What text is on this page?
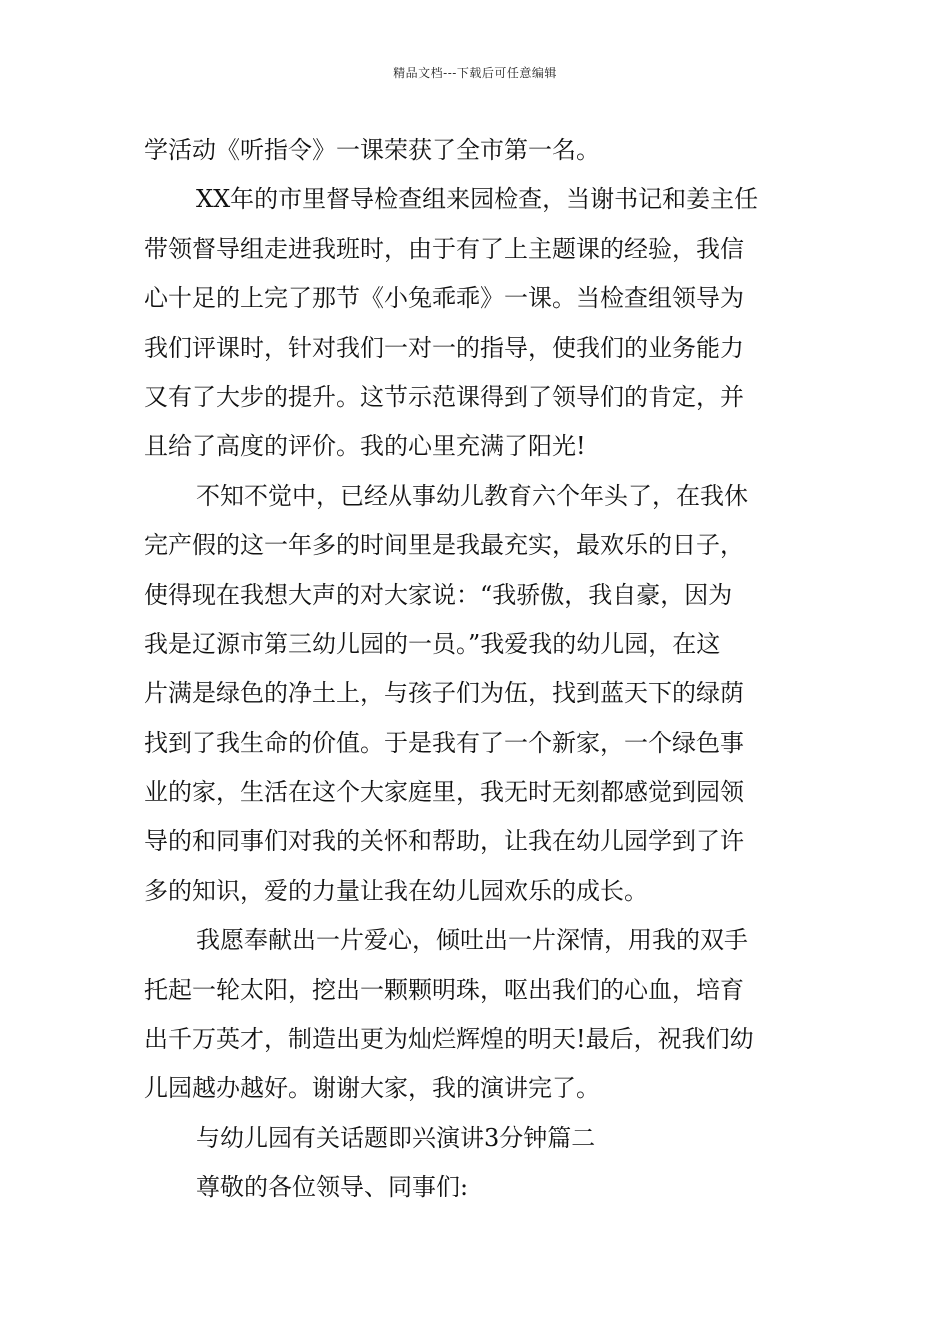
精品文档---下载后可任意编辑
学活动《听指令》一课荣获了全市第一名。
XX年的市里督导检查组来园检查，当谢书记和姜主任
带领督导组走进我班时，由于有了上主题课的经验，我信
心十足的上完了那节《小兔乖乖》一课。当检查组领导为
我们评课时，针对我们一对一的指导，使我们的业务能力
又有了大步的提升。这节示范课得到了领导们的肯定，并
且给了高度的评价。我的心里充满了阳光!
不知不觉中，已经从事幼儿教育六个年头了，在我休
完产假的这一年多的时间里是我最充实，最欢乐的日子，
使得现在我想大声的对大家说：“我骄傲，我自豪，因为
我是辽源市第三幼儿园的一员。”我爱我的幼儿园，在这
片满是绿色的净土上，与孩子们为伍，找到蓝天下的绿荫
找到了我生命的价值。于是我有了一个新家，一个绿色事
业的家，生活在这个大家庭里，我无时无刻都感觉到园领
导的和同事们对我的关怀和帮助，让我在幼儿园学到了许
多的知识，爱的力量让我在幼儿园欢乐的成长。
我愿奉献出一片爱心，倾吐出一片深情，用我的双手
托起一轮太阳，挖出一颗颗明珠，呕出我们的心血，培育
出千万英才，制造出更为灿烂辉煌的明天!最后，祝我们幼
儿园越办越好。谢谢大家，我的演讲完了。
与幼儿园有关话题即兴演讲3分钟篇二
尊敬的各位领导、同事们:
